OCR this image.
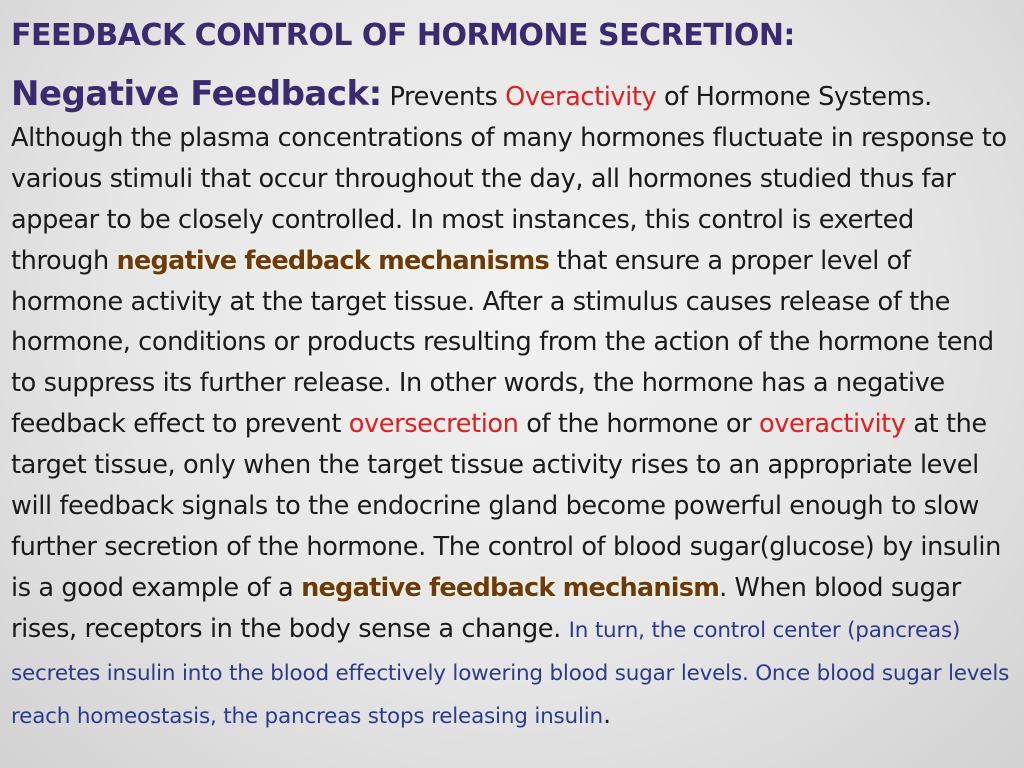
FEEDBACK CONTROL OF HORMONE SECRETION:
Negative Feedback: Prevents Overactivity of Hormone Systems. Although the plasma concentrations of many hormones fluctuate in response to various stimuli that occur throughout the day, all hormones studied thus far appear to be closely controlled. In most instances, this control is exerted through negative feedback mechanisms that ensure a proper level of hormone activity at the target tissue. After a stimulus causes release of the hormone, conditions or products resulting from the action of the hormone tend to suppress its further release. In other words, the hormone has a negative feedback effect to prevent oversecretion of the hormone or overactivity at the target tissue, only when the target tissue activity rises to an appropriate level will feedback signals to the endocrine gland become powerful enough to slow further secretion of the hormone. The control of blood sugar(glucose) by insulin is a good example of a negative feedback mechanism. When blood sugar rises, receptors in the body sense a change. In turn, the control center (pancreas) secretes insulin into the blood effectively lowering blood sugar levels. Once blood sugar levels reach homeostasis, the pancreas stops releasing insulin.
